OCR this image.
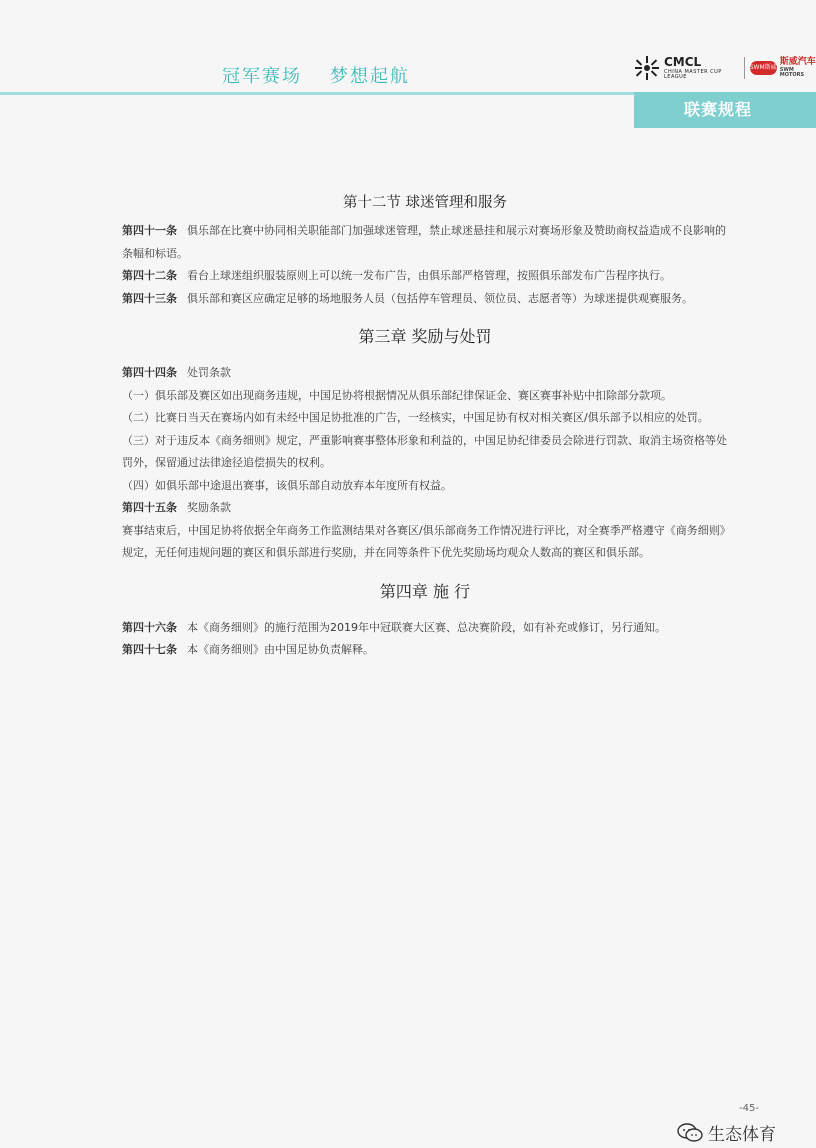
冠军赛场 梦想起航
CMCL
CHINA MASTER CUP LEAGUE
SWM斯威
斯威汽车
SWM MOTORS
联赛规程
第十二节 球迷管理和服务

第四十一条 俱乐部在比赛中协同相关职能部门加强球迷管理，禁止球迷悬挂和展示对赛场形象及赞助商权益造成不良影响的条幅和标语。

第四十二条 看台上球迷组织服装原则上可以统一发布广告，由俱乐部严格管理，按照俱乐部发布广告程序执行。

第四十三条 俱乐部和赛区应确定足够的场地服务人员（包括停车管理员、领位员、志愿者等）为球迷提供观赛服务。

第三章 奖励与处罚

第四十四条 处罚条款

（一）俱乐部及赛区如出现商务违规，中国足协将根据情况从俱乐部纪律保证金、赛区赛事补贴中扣除部分款项。

（二）比赛日当天在赛场内如有未经中国足协批准的广告，一经核实，中国足协有权对相关赛区/俱乐部予以相应的处罚。

（三）对于违反本《商务细则》规定，严重影响赛事整体形象和利益的，中国足协纪律委员会除进行罚款、取消主场资格等处罚外，保留通过法律途径追偿损失的权利。

（四）如俱乐部中途退出赛事，该俱乐部自动放弃本年度所有权益。

第四十五条 奖励条款

赛事结束后，中国足协将依据全年商务工作监测结果对各赛区/俱乐部商务工作情况进行评比，对全赛季严格遵守《商务细则》规定，无任何违规问题的赛区和俱乐部进行奖励，并在同等条件下优先奖励场均观众人数高的赛区和俱乐部。

第四章 施 行

第四十六条 本《商务细则》的施行范围为2019年中冠联赛大区赛、总决赛阶段，如有补充或修订，另行通知。

第四十七条 本《商务细则》由中国足协负责解释。

-45-
生态体育
